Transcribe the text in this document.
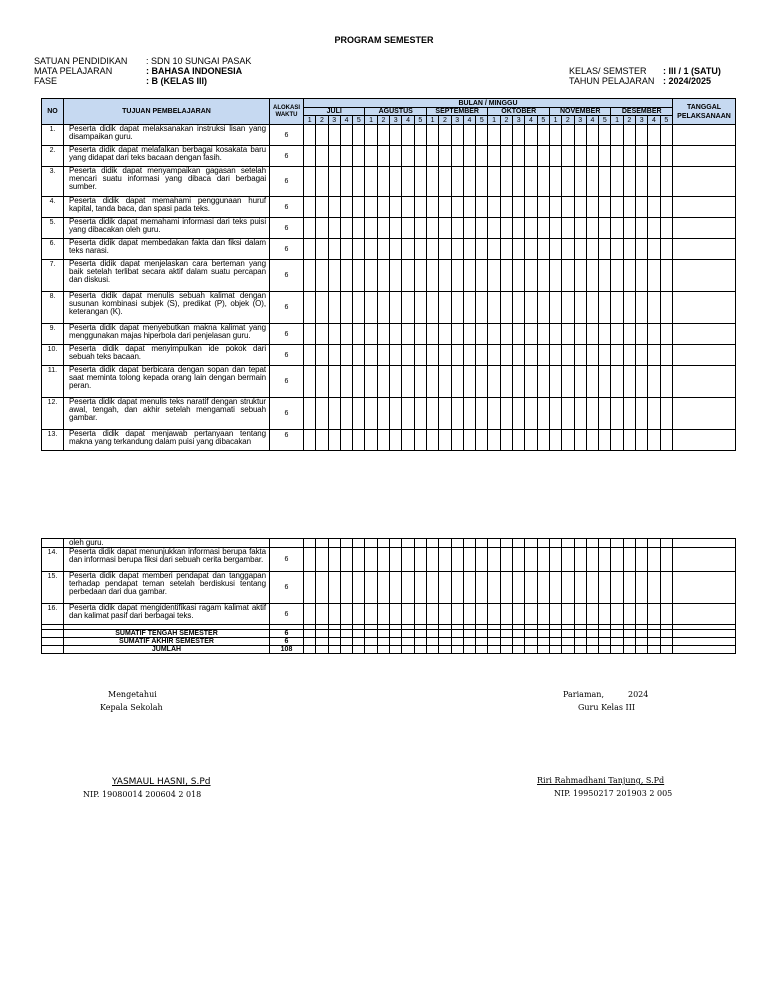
PROGRAM SEMESTER
SATUAN PENDIDIKAN	: SDN 10 SUNGAI PASAK
MATA PELAJARAN	: BAHASA INDONESIA
FASE	: B (KELAS III)
KELAS/ SEMSTER	: III / 1 (SATU)
TAHUN PELAJARAN : 2024/2025
NO	TUJUAN PEMBELAJARAN	ALOKASI WAKTU	BULAN / MINGGU																														TANGGAL PELAKSANAAN
			JULI					AGUSTUS					SEPTEMBER					OKTOBER					NOVEMBER					DESEMBER					
			1	2	3	4	5	1	2	3	4	5	1	2	3	4	5	1	2	3	4	5	1	2	3	4	5	1	2	3	4	5	
1.	Peserta didik dapat melaksanakan instruksi lisan yang disampaikan guru.	6																															
2.	Peserta didik dapat melafalkan berbagai kosakata baru yang didapat dari teks bacaan dengan fasih.	6																															
3.	Peserta didik dapat menyampaikan gagasan setelah mencari suatu informasi yang dibaca dari berbagai sumber.	6																															
4.	Peserta didik dapat memahami penggunaan huruf kapital, tanda baca, dan spasi pada teks.	6																															
5.	Peserta didik dapat memahami informasi dari teks puisi yang dibacakan oleh guru.	6																															
6.	Peserta didik dapat membedakan fakta dan fiksi dalam teks narasi.	6																															
7.	Peserta didik dapat menjelaskan cara berteman yang baik setelah terlibat secara aktif dalam suatu percapan dan diskusi.	6																															
8.	Peserta didik dapat menulis sebuah kalimat dengan susunan kombinasi subjek (S), predikat (P), objek (O), keterangan (K).	6																															
9.	Peserta didik dapat menyebutkan makna kalimat yang menggunakan majas hiperbola dari penjelasan guru.	6																															
10.	Peserta didik dapat menyimpulkan ide pokok dari sebuah teks bacaan.	6																															
11.	Peserta didik dapat berbicara dengan sopan dan tepat saat meminta tolong kepada orang lain dengan bermain peran.	6																															
12.	Peserta didik dapat menulis teks naratif dengan struktur awal, tengah, dan akhir setelah mengamati sebuah gambar.	6																															
13.	Peserta didik dapat menjawab pertanyaan tentang makna yang terkandung dalam puisi yang dibacakan	6																															
	oleh guru.																																
14.	Peserta didik dapat menunjukkan informasi berupa fakta dan informasi berupa fiksi dari sebuah cerita bergambar.	6																															
15.	Peserta didik dapat memberi pendapat dan tanggapan terhadap pendapat teman setelah berdiskusi tentang perbedaan dari dua gambar.	6																															
16.	Peserta didik dapat mengidentifikasi ragam kalimat aktif dan kalimat pasif dari berbagai teks.	6																															

	SUMATIF TENGAH SEMESTER	6																															
	SUMATIF AKHIR SEMESTER	6																															
	JUMLAH	108																															
Mengetahui
Kepala Sekolah
YASMAUL HASNI, S.Pd
NIP. 19080014 200604 2 018
Pariaman,	2024
Guru Kelas III
Riri Rahmadhani Tanjung, S.Pd
NIP. 19950217 201903 2 005
